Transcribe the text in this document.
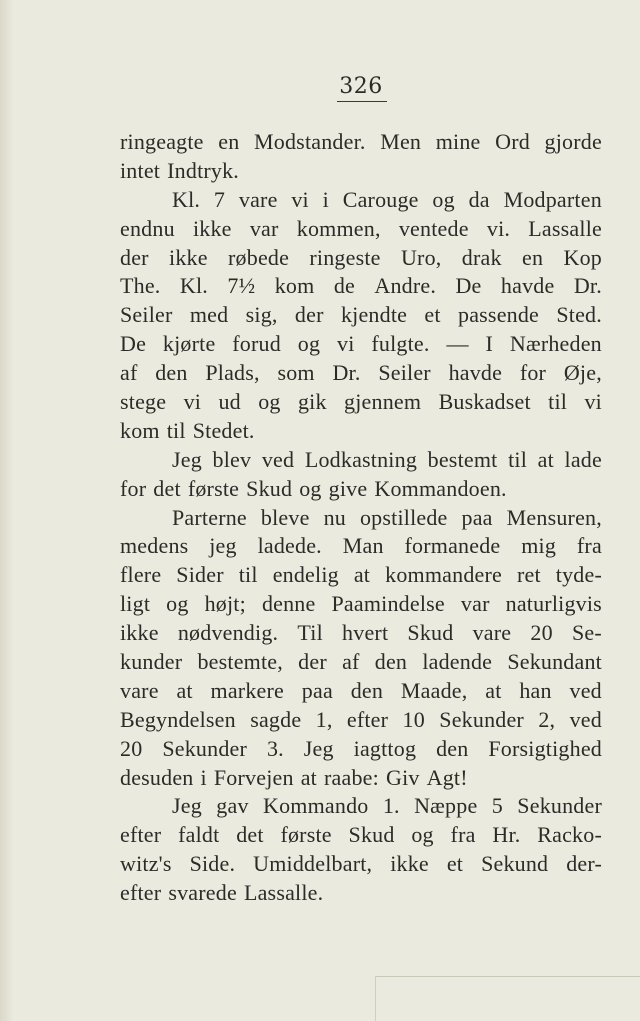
326
ringeagte en Modstander. Men mine Ord gjorde
intet Indtryk.
Kl. 7 vare vi i Carouge og da Modparten
endnu ikke var kommen, ventede vi. Lassalle
der ikke røbede ringeste Uro, drak en Kop
The. Kl. 7½ kom de Andre. De havde Dr.
Seiler med sig, der kjendte et passende Sted.
De kjørte forud og vi fulgte. — I Nærheden
af den Plads, som Dr. Seiler havde for Øje,
stege vi ud og gik gjennem Buskadset til vi
kom til Stedet.
Jeg blev ved Lodkastning bestemt til at lade
for det første Skud og give Kommandoen.
Parterne bleve nu opstillede paa Mensuren,
medens jeg ladede. Man formanede mig fra
flere Sider til endelig at kommandere ret tyde-
ligt og højt; denne Paamindelse var naturligvis
ikke nødvendig. Til hvert Skud vare 20 Se-
kunder bestemte, der af den ladende Sekundant
vare at markere paa den Maade, at han ved
Begyndelsen sagde 1, efter 10 Sekunder 2, ved
20 Sekunder 3. Jeg iagttog den Forsigtighed
desuden i Forvejen at raabe: Giv Agt!
Jeg gav Kommando 1. Næppe 5 Sekunder
efter faldt det første Skud og fra Hr. Racko-
witz's Side. Umiddelbart, ikke et Sekund der-
efter svarede Lassalle.
